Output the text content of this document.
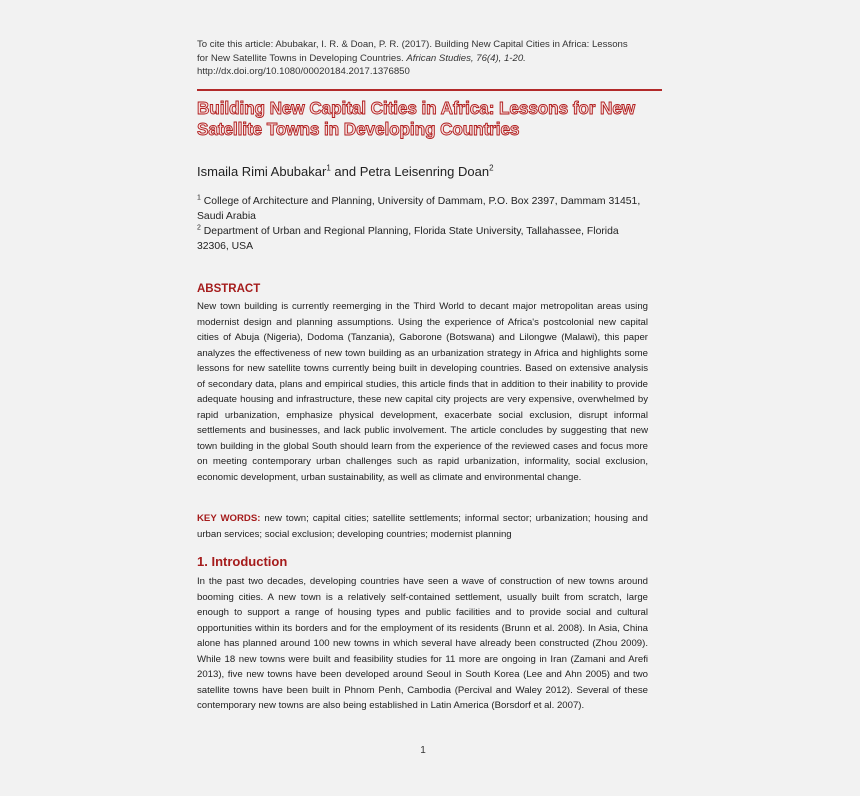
To cite this article: Abubakar, I. R. & Doan, P. R. (2017). Building New Capital Cities in Africa: Lessons
for New Satellite Towns in Developing Countries. African Studies, 76(4), 1-20.
http://dx.doi.org/10.1080/00020184.2017.1376850
Building New Capital Cities in Africa: Lessons for New Satellite Towns in Developing Countries
Ismaila Rimi Abubakar$^1$ and Petra Leisenring Doan$^2$
$^1$ College of Architecture and Planning, University of Dammam, P.O. Box 2397, Dammam 31451, Saudi Arabia
$^2$ Department of Urban and Regional Planning, Florida State University, Tallahassee, Florida 32306, USA
ABSTRACT
New town building is currently reemerging in the Third World to decant major metropolitan areas using modernist design and planning assumptions. Using the experience of Africa's postcolonial new capital cities of Abuja (Nigeria), Dodoma (Tanzania), Gaborone (Botswana) and Lilongwe (Malawi), this paper analyzes the effectiveness of new town building as an urbanization strategy in Africa and highlights some lessons for new satellite towns currently being built in developing countries. Based on extensive analysis of secondary data, plans and empirical studies, this article finds that in addition to their inability to provide adequate housing and infrastructure, these new capital city projects are very expensive, overwhelmed by rapid urbanization, emphasize physical development, exacerbate social exclusion, disrupt informal settlements and businesses, and lack public involvement. The article concludes by suggesting that new town building in the global South should learn from the experience of the reviewed cases and focus more on meeting contemporary urban challenges such as rapid urbanization, informality, social exclusion, economic development, urban sustainability, as well as climate and environmental change.
KEY WORDS: new town; capital cities; satellite settlements; informal sector; urbanization; housing and urban services; social exclusion; developing countries; modernist planning
1. Introduction
In the past two decades, developing countries have seen a wave of construction of new towns around booming cities. A new town is a relatively self-contained settlement, usually built from scratch, large enough to support a range of housing types and public facilities and to provide social and cultural opportunities within its borders and for the employment of its residents (Brunn et al. 2008). In Asia, China alone has planned around 100 new towns in which several have already been constructed (Zhou 2009). While 18 new towns were built and feasibility studies for 11 more are ongoing in Iran (Zamani and Arefi 2013), five new towns have been developed around Seoul in South Korea (Lee and Ahn 2005) and two satellite towns have been built in Phnom Penh, Cambodia (Percival and Waley 2012). Several of these contemporary new towns are also being established in Latin America (Borsdorf et al. 2007).
1
